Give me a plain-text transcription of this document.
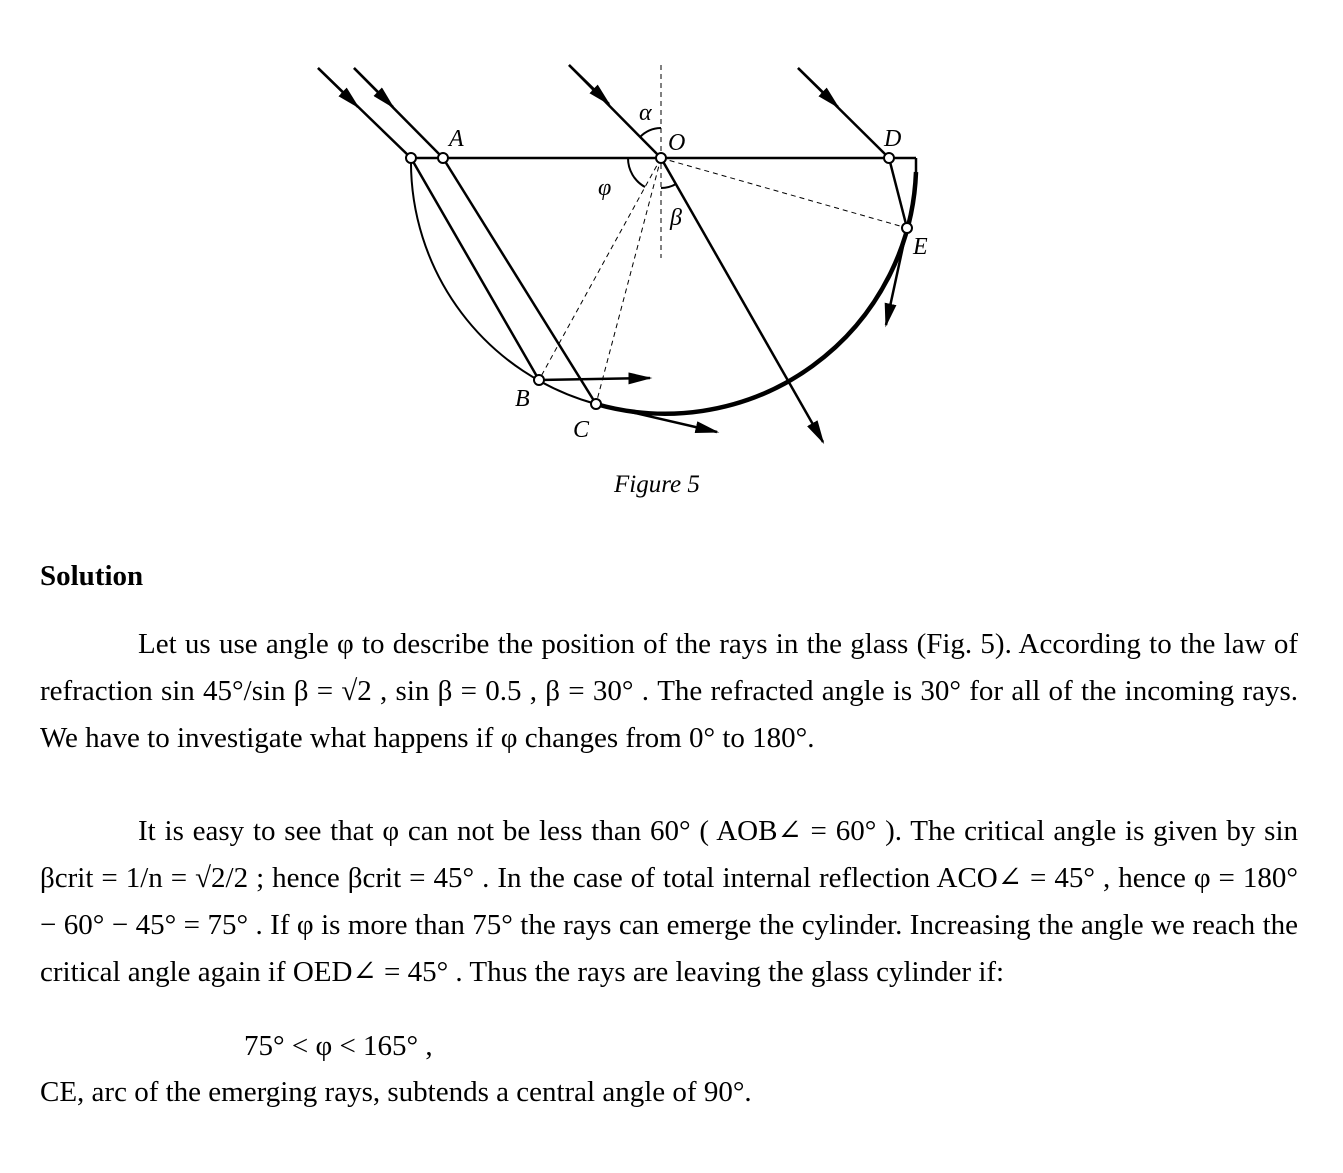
A	O	D
E
B
C
α
φ
β
Figure 5
Solution
Let us use angle φ to describe the position of the rays in the glass (Fig. 5). According to the law of refraction sin 45°/sin β = √2 , sin β = 0.5 , β = 30° . The refracted angle is 30° for all of the incoming rays. We have to investigate what happens if φ changes from 0° to 180°.
It is easy to see that φ can not be less than 60° ( AOB∠ = 60° ). The critical angle is given by sin βcrit = 1/n = √2/2 ; hence βcrit = 45° . In the case of total internal reflection ACO∠ = 45° , hence φ = 180° − 60° − 45° = 75° . If φ is more than 75° the rays can emerge the cylinder. Increasing the angle we reach the critical angle again if OED∠ = 45° . Thus the rays are leaving the glass cylinder if:
75° < φ < 165° ,
CE, arc of the emerging rays, subtends a central angle of 90°.
